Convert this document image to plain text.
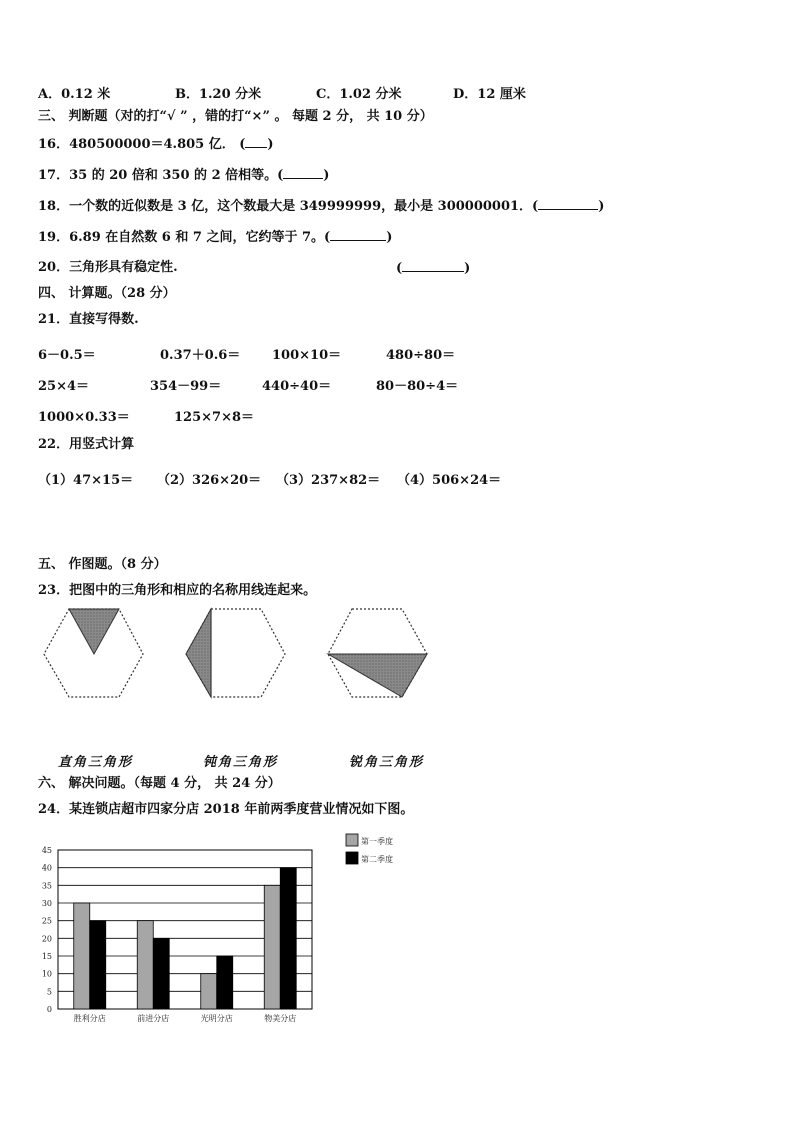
A．0.12 米	B．1.20 分米	C．1.02 分米	D．12 厘米
三、 判断题（对的打“√ ” ，错的打“×” 。 每题 2 分， 共 10 分）
16．480500000＝4.805 亿． ( )
17．35 的 20 倍和 350 的 2 倍相等。(	)
18．一个数的近似数是 3 亿，这个数最大是 349999999，最小是 300000001．(	)
19．6.89 在自然数 6 和 7 之间，它约等于 7。(	)
20．三角形具有稳定性.	(	)
四、 计算题。（28 分）
21．直接写得数.
6－0.5＝	0.37＋0.6＝ 100×10＝	480÷80＝
25×4＝	354－99＝	440÷40＝	80－80÷4＝
1000×0.33＝	125×7×8＝
22．用竖式计算
（1）47×15＝ （2）326×20＝ （3）237×82＝ （4）506×24＝
五、 作图题。（8 分）
23．把图中的三角形和相应的名称用线连起来。
直角三角形	钝角三角形	锐角三角形
六、 解决问题。（每题 4 分， 共 24 分）
24．某连锁店超市四家分店 2018 年前两季度营业情况如下图。
0
5
10
15
20
25
30
35
40
45
胜利分店	前进分店	光明分店	物美分店
第一季度
第二季度
